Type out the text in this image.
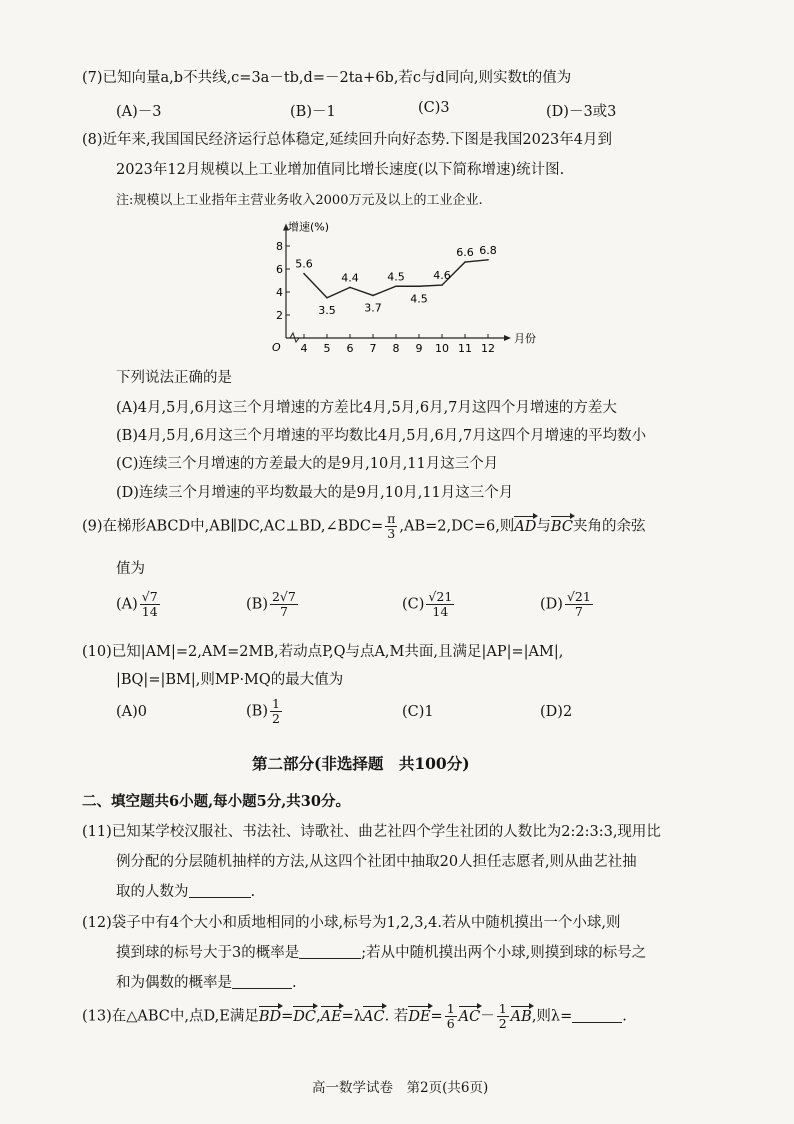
(7)已知向量a,b不共线,c=3a－tb,d=－2ta+6b,若c与d同向,则实数t的值为
(A)－3	(B)－1	(C)3	(D)－3或3
(8)近年来,我国国民经济运行总体稳定,延续回升向好态势.下图是我国2023年4月到
2023年12月规模以上工业增加值同比增长速度(以下简称增速)统计图.
注:规模以上工业指年主营业务收入2000万元及以上的工业企业.
增速(%)
月份
O
2
4
6
8
4 5 6 7 8 9 10 11 12
5.6
3.5
4.4
3.7
4.5
4.5
4.6
6.6 6.8
下列说法正确的是
(A)4月,5月,6月这三个月增速的方差比4月,5月,6月,7月这四个月增速的方差大
(B)4月,5月,6月这三个月增速的平均数比4月,5月,6月,7月这四个月增速的平均数小
(C)连续三个月增速的方差最大的是9月,10月,11月这三个月
(D)连续三个月增速的平均数最大的是9月,10月,11月这三个月
(9)在梯形ABCD中,AB∥DC,AC⊥BD,∠BDC= $\frac{\pi}{3} ,AB=2,DC=6$,则AD与BC夹角的余弦
值为
$(A) \frac{√7}{14}$	$(B) \frac{2√7}{7}$	$(C) \frac{√21}{14}$	$(D) \frac{√21}{7}$
(10)已知|AM|=2,AM=2MB,若动点P,Q与点A,M共面,且满足|AP|=|AM|,
|BQ|=|BM|,则MP·MQ的最大值为
(A)0	$(B) \frac{1}{2}$	(C)1	(D)2
第二部分(非选择题　共100分)
二、填空题共6小题,每小题5分,共30分。
(11)已知某学校汉服社、书法社、诗歌社、曲艺社四个学生社团的人数比为2:2:3:3,现用比
例分配的分层随机抽样的方法,从这四个社团中抽取20人担任志愿者,则从曲艺社抽
取的人数为	.
(12)袋子中有4个大小和质地相同的小球,标号为1,2,3,4.若从中随机摸出一个小球,则
摸到球的标号大于3的概率是	;若从中随机摸出两个小球,则摸到球的标号之
和为偶数的概率是	.
(13)在△ABC中,点D,E满足BD=DC,AE=λAC. 若$DE= \frac{1}{6} AC- \frac{1}{2}$ AB,则λ=	.
高一数学试卷　第2页(共6页)
